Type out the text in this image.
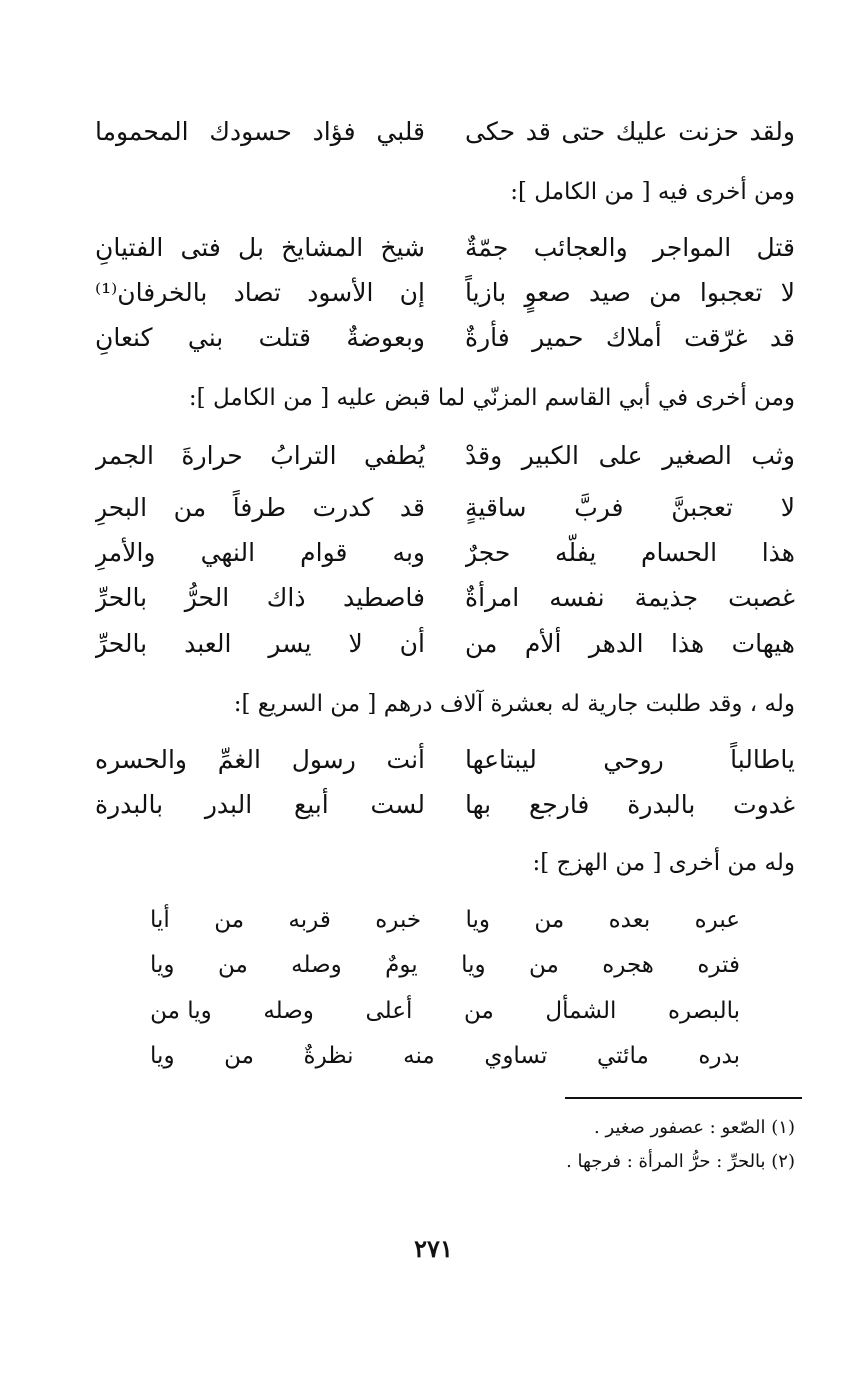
ولقد حزنت عليك حتى قد حكى
قلبي فؤاد حسودك المحموما
ومن أخرى فيه [ من الكامل ]:
قتل المواجر والعجائب جمّةٌ
شيخ المشايخ بل فتى الفتيانِ
لا تعجبوا من صيد صعوٍ بازياً
إن الأسود تصاد بالخرفان⁽¹⁾
قد غرّقت أملاك حمير فأرةٌ
وبعوضةٌ قتلت بني كنعانِ
ومن أخرى في أبي القاسم المزنّي لما قبض عليه [ من الكامل ]:
وثب الصغير على الكبير وقدْ
يُطفي الترابُ حرارةَ الجمر
لا تعجبنَّ فربَّ ساقيةٍ
قد كدرت طرفاً من البحرِ
هذا الحسام يفلّه حجرٌ
وبه قوام النهي والأمرِ
غصبت جذيمة نفسه امرأةٌ
فاصطيد ذاك الحرُّ بالحرِّ
هيهات هذا الدهر ألأم من
أن لا يسر العبد بالحرِّ
وله ، وقد طلبت جارية له بعشرة آلاف درهم [ من السريع ]:
ياطالباً روحي ليبتاعها
أنت رسول الغمِّ والحسره
غدوت بالبدرة فارجع بها
لست أبيع البدر بالبدرة
وله من أخرى [ من الهزج ]:
أيا من قربه خبره ويا من بعده عبره
ويا من وصله يومٌ ويا من هجره فتره
ويا من وصله أعلى من الشمأل بالبصره
ويا من نظرةٌ منه تساوي مائتي بدره
(١) الصّعو : عصفور صغير .
(٢) بالحرِّ : حرُّ المرأة : فرجها .
٢٧١
